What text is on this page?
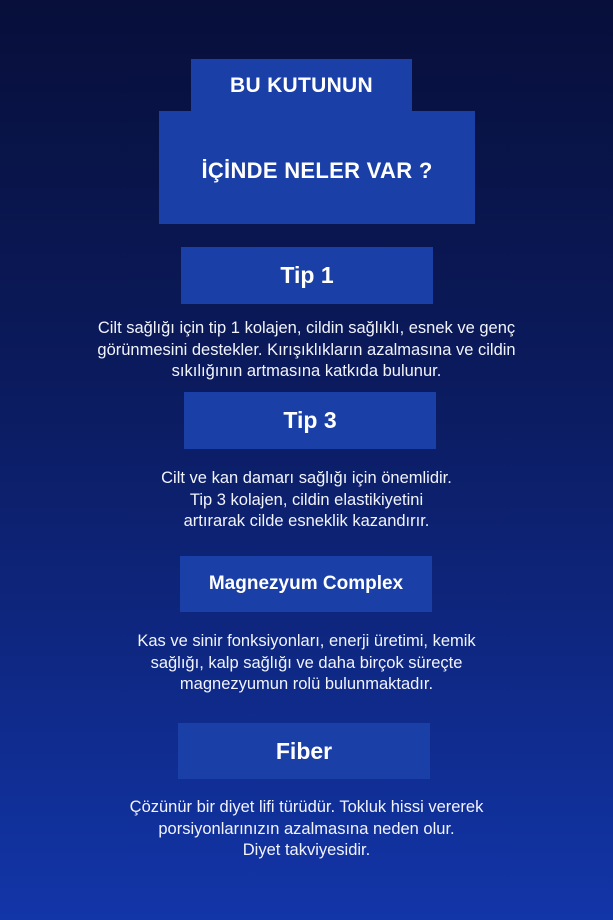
İÇİNDE NELER VAR ?
BU KUTUNUN
Tip 1
Cilt sağlığı için tip 1 kolajen, cildin sağlıklı, esnek ve genç
görünmesini destekler. Kırışıklıkların azalmasına ve cildin
sıkılığının artmasına katkıda bulunur.
Tip 3
Cilt ve kan damarı sağlığı için önemlidir.
Tip 3 kolajen, cildin elastikiyetini
artırarak cilde esneklik kazandırır.
Magnezyum Complex
Kas ve sinir fonksiyonları, enerji üretimi, kemik
sağlığı, kalp sağlığı ve daha birçok süreçte
magnezyumun rolü bulunmaktadır.
Fiber
Çözünür bir diyet lifi türüdür. Tokluk hissi vererek
porsiyonlarınızın azalmasına neden olur.
Diyet takviyesidir.
